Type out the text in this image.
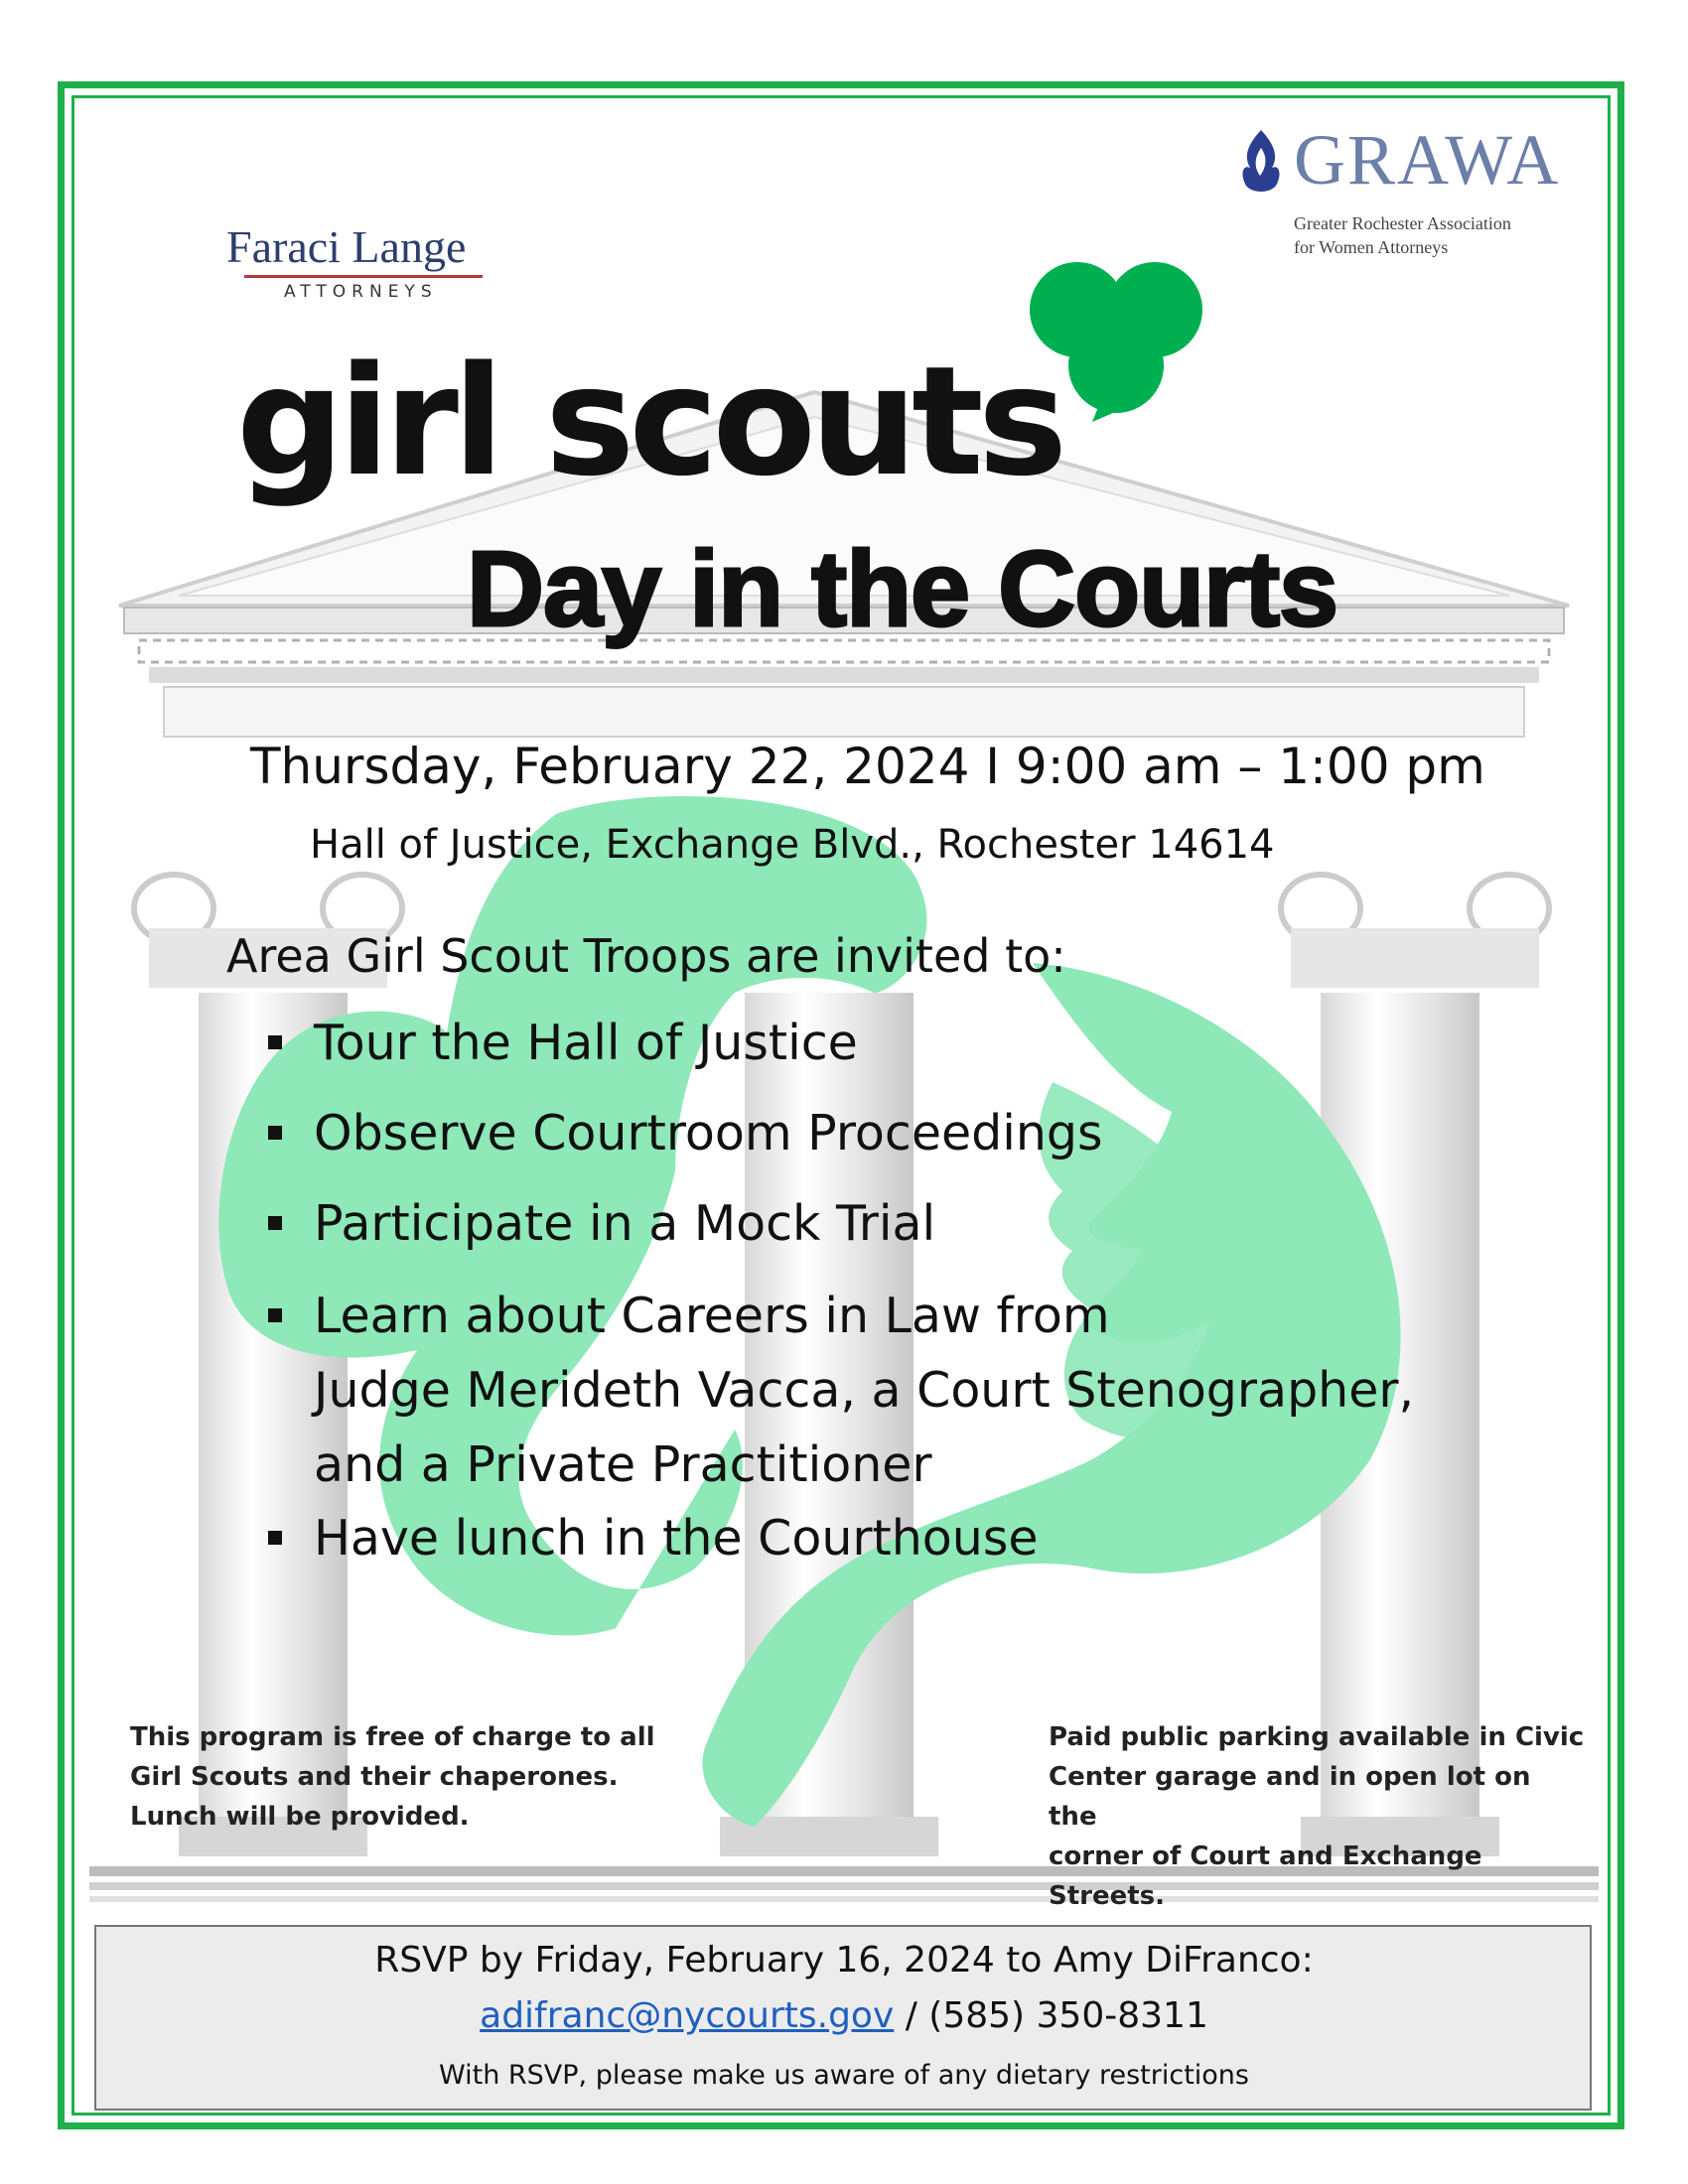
Faraci Lange
ATTORNEYS
GRAWA
Greater Rochester Association
for Women Attorneys
girl scouts
Day in the Courts
Thursday, February 22, 2024 I 9:00 am – 1:00 pm
Hall of Justice, Exchange Blvd., Rochester 14614
Area Girl Scout Troops are invited to:
Tour the Hall of Justice
Observe Courtroom Proceedings
Participate in a Mock Trial
Learn about Careers in Law from
Judge Merideth Vacca, a Court Stenographer,
and a Private Practitioner
Have lunch in the Courthouse
This program is free of charge to all
Girl Scouts and their chaperones.
Lunch will be provided.
Paid public parking available in Civic
Center garage and in open lot on the
corner of Court and Exchange Streets.
RSVP by Friday, February 16, 2024 to Amy DiFranco:
adifranc@nycourts.gov / (585) 350-8311
With RSVP, please make us aware of any dietary restrictions
